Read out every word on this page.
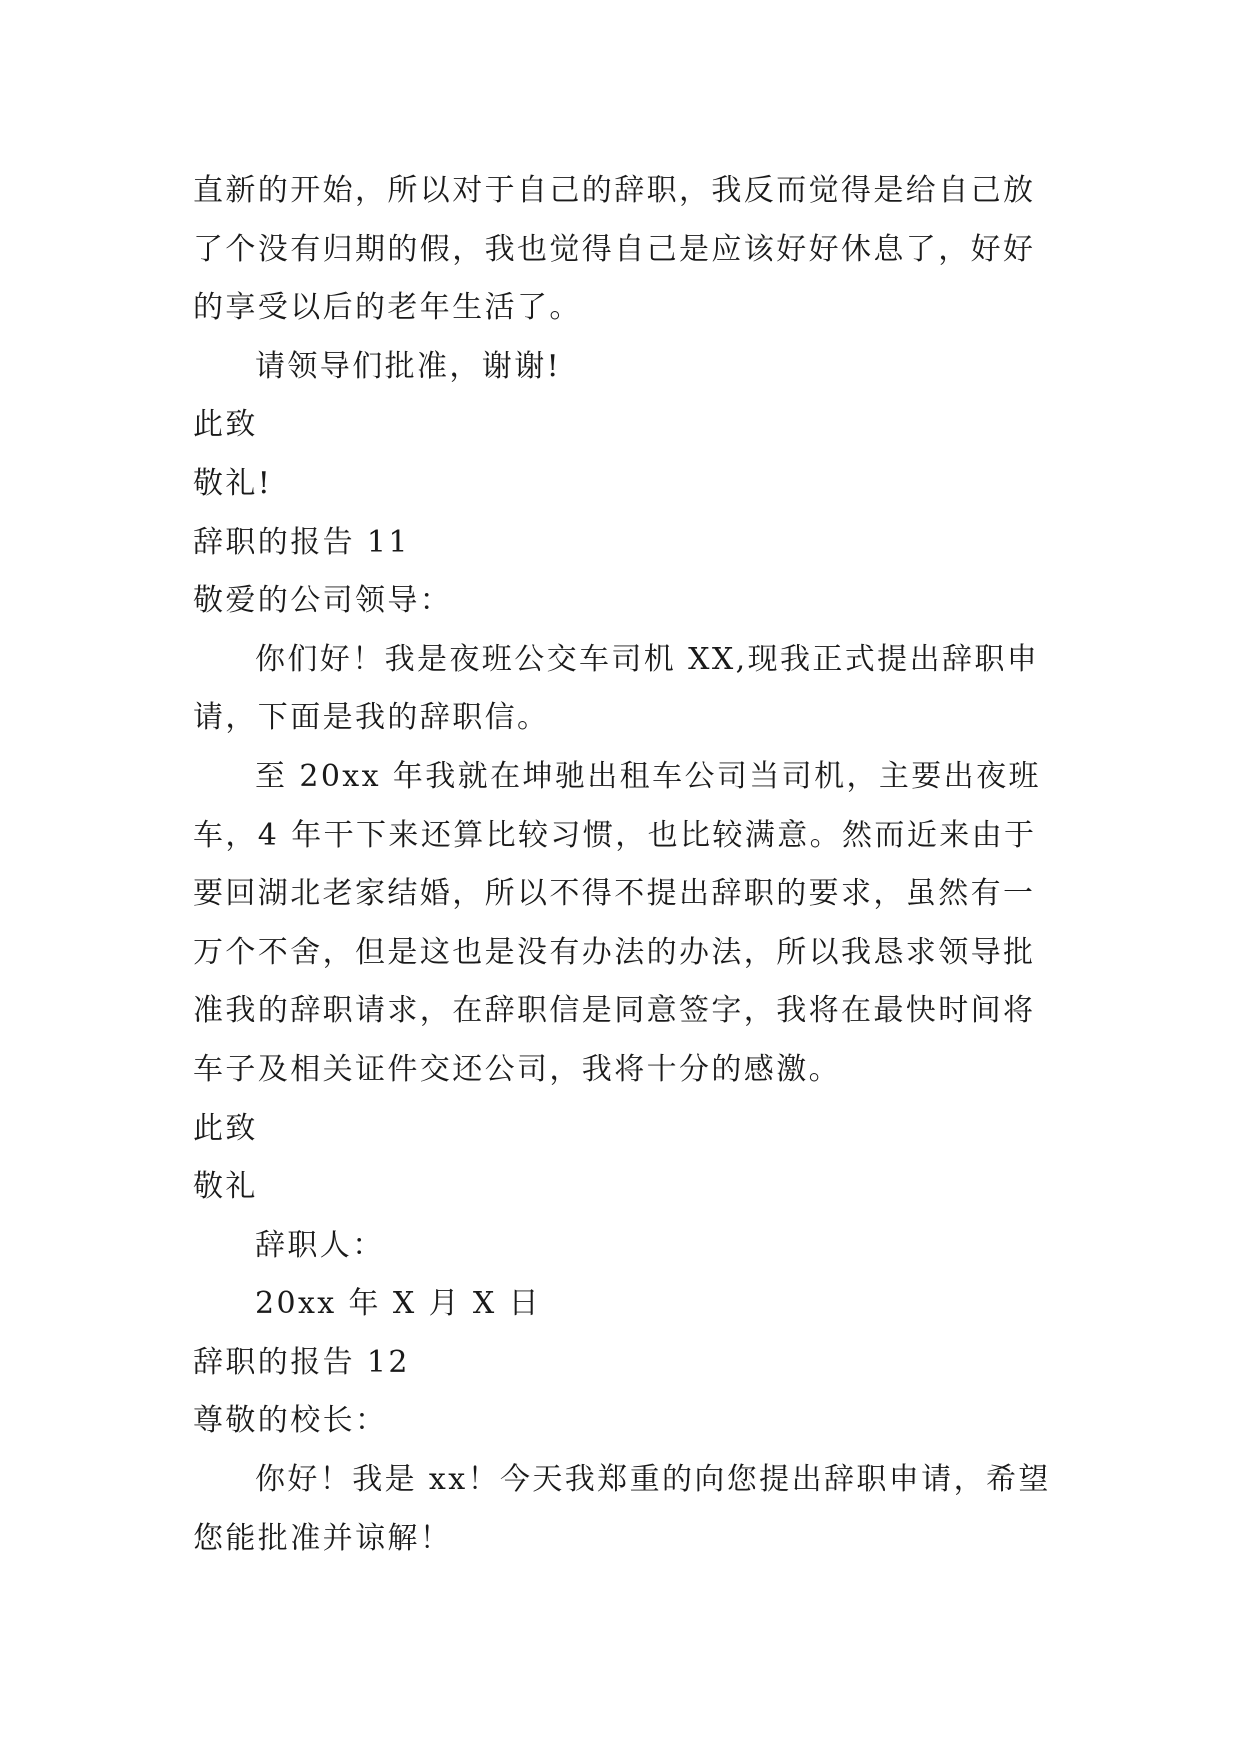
直新的开始，所以对于自己的辞职，我反而觉得是给自己放
了个没有归期的假，我也觉得自己是应该好好休息了，好好
的享受以后的老年生活了。
请领导们批准，谢谢!
此致
敬礼!
辞职的报告 11
敬爱的公司领导：
你们好！我是夜班公交车司机 XX,现我正式提出辞职申
请，下面是我的辞职信。
至 20xx 年我就在坤驰出租车公司当司机，主要出夜班
车，4 年干下来还算比较习惯，也比较满意。然而近来由于
要回湖北老家结婚，所以不得不提出辞职的要求，虽然有一
万个不舍，但是这也是没有办法的办法，所以我恳求领导批
准我的辞职请求，在辞职信是同意签字，我将在最快时间将
车子及相关证件交还公司，我将十分的感激。
此致
敬礼
辞职人：
20xx 年 X 月 X 日
辞职的报告 12
尊敬的校长：
你好！我是 xx！今天我郑重的向您提出辞职申请，希望
您能批准并谅解！
